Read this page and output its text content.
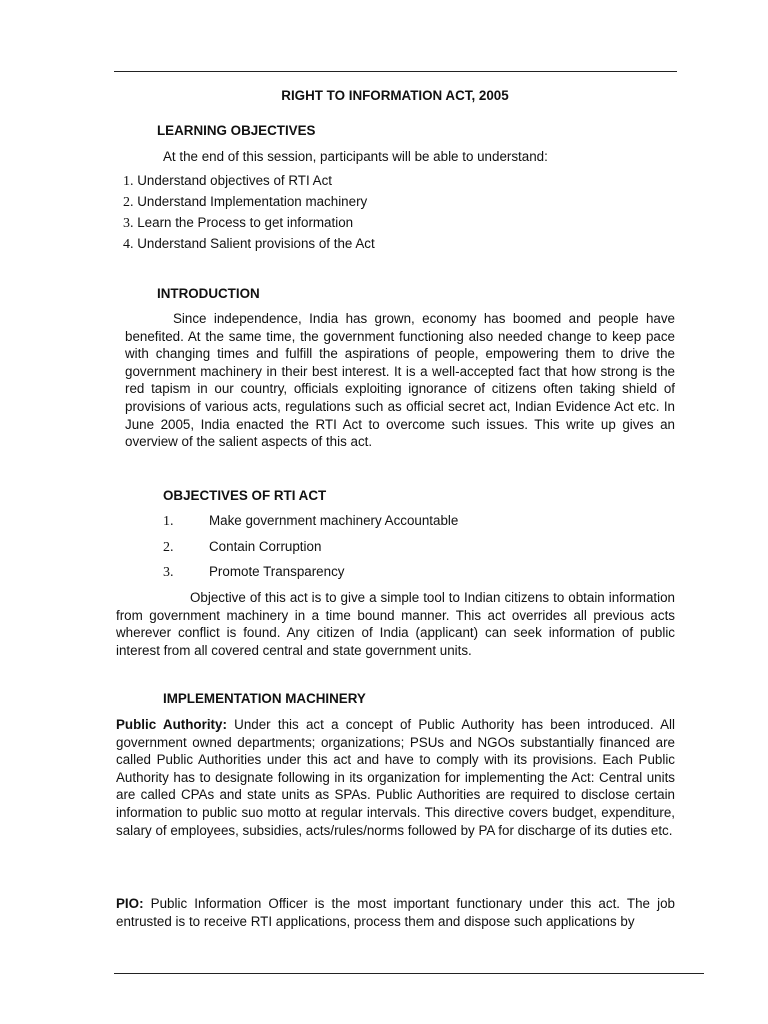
RIGHT TO INFORMATION ACT, 2005
LEARNING OBJECTIVES
At the end of this session, participants will be able to understand:
1. Understand objectives of RTI Act
2. Understand Implementation machinery
3. Learn the Process to get information
4. Understand Salient provisions of the Act
INTRODUCTION
Since independence, India has grown, economy has boomed and people have benefited. At the same time, the government functioning also needed change to keep pace with changing times and fulfill the aspirations of people, empowering them to drive the government machinery in their best interest. It is a well-accepted fact that how strong is the red tapism in our country, officials exploiting ignorance of citizens often taking shield of provisions of various acts, regulations such as official secret act, Indian Evidence Act etc. In June 2005, India enacted the RTI Act to overcome such issues. This write up gives an overview of the salient aspects of this act.
OBJECTIVES OF RTI ACT
1.	Make government machinery Accountable
2.	Contain Corruption
3.	Promote Transparency
Objective of this act is to give a simple tool to Indian citizens to obtain information from government machinery in a time bound manner. This act overrides all previous acts wherever conflict is found. Any citizen of India (applicant) can seek information of public interest from all covered central and state government units.
IMPLEMENTATION MACHINERY
Public Authority: Under this act a concept of Public Authority has been introduced. All government owned departments; organizations; PSUs and NGOs substantially financed are called Public Authorities under this act and have to comply with its provisions. Each Public Authority has to designate following in its organization for implementing the Act: Central units are called CPAs and state units as SPAs. Public Authorities are required to disclose certain information to public suo motto at regular intervals. This directive covers budget, expenditure, salary of employees, subsidies, acts/rules/norms followed by PA for discharge of its duties etc.
PIO: Public Information Officer is the most important functionary under this act. The job entrusted is to receive RTI applications, process them and dispose such applications by
